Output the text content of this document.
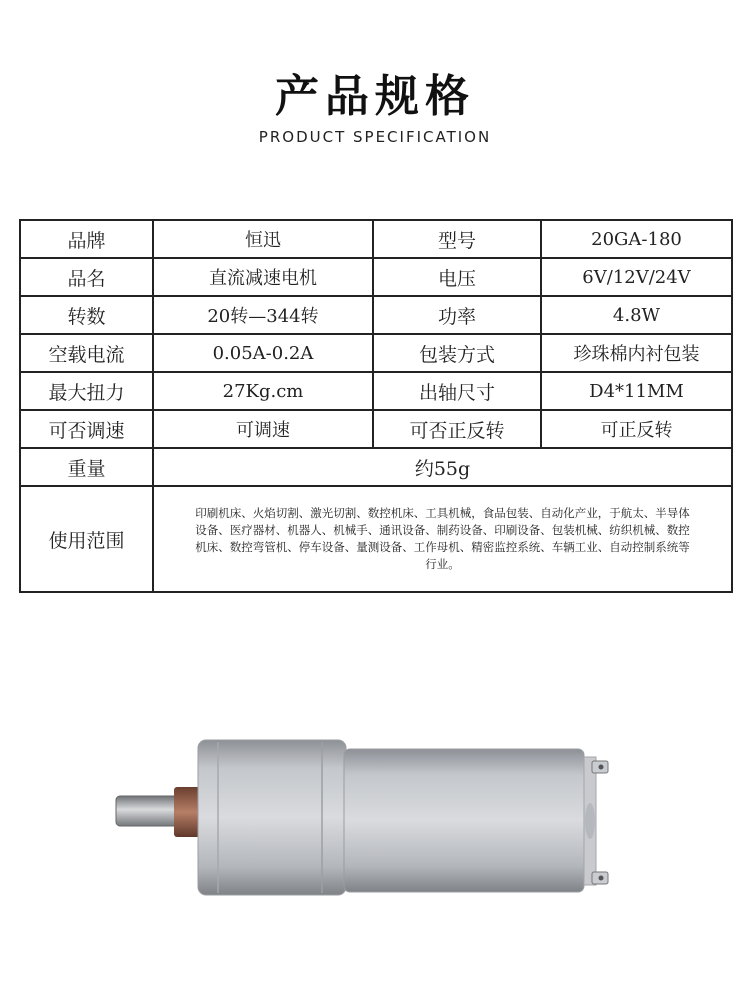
产品规格
PRODUCT SPECIFICATION
品牌	恒迅	型号	20GA-180
品名	直流减速电机	电压	6V/12V/24V
转数	20转—344转	功率	4.8W
空载电流	0.05A-0.2A	包装方式	珍珠棉内衬包装
最大扭力	27Kg.cm	出轴尺寸	D4*11MM
可否调速	可调速	可否正反转	可正反转
重量	约55g		
使用范围	印刷机床、火焰切割、激光切割、数控机床、工具机械，食品包装、自动化产业，于航太、半导体设备、医疗器材、机器人、机械手、通讯设备、制药设备、印刷设备、包装机械、纺织机械、数控机床、数控弯管机、停车设备、量测设备、工作母机、精密监控系统、车辆工业、自动控制系统等行业。		
